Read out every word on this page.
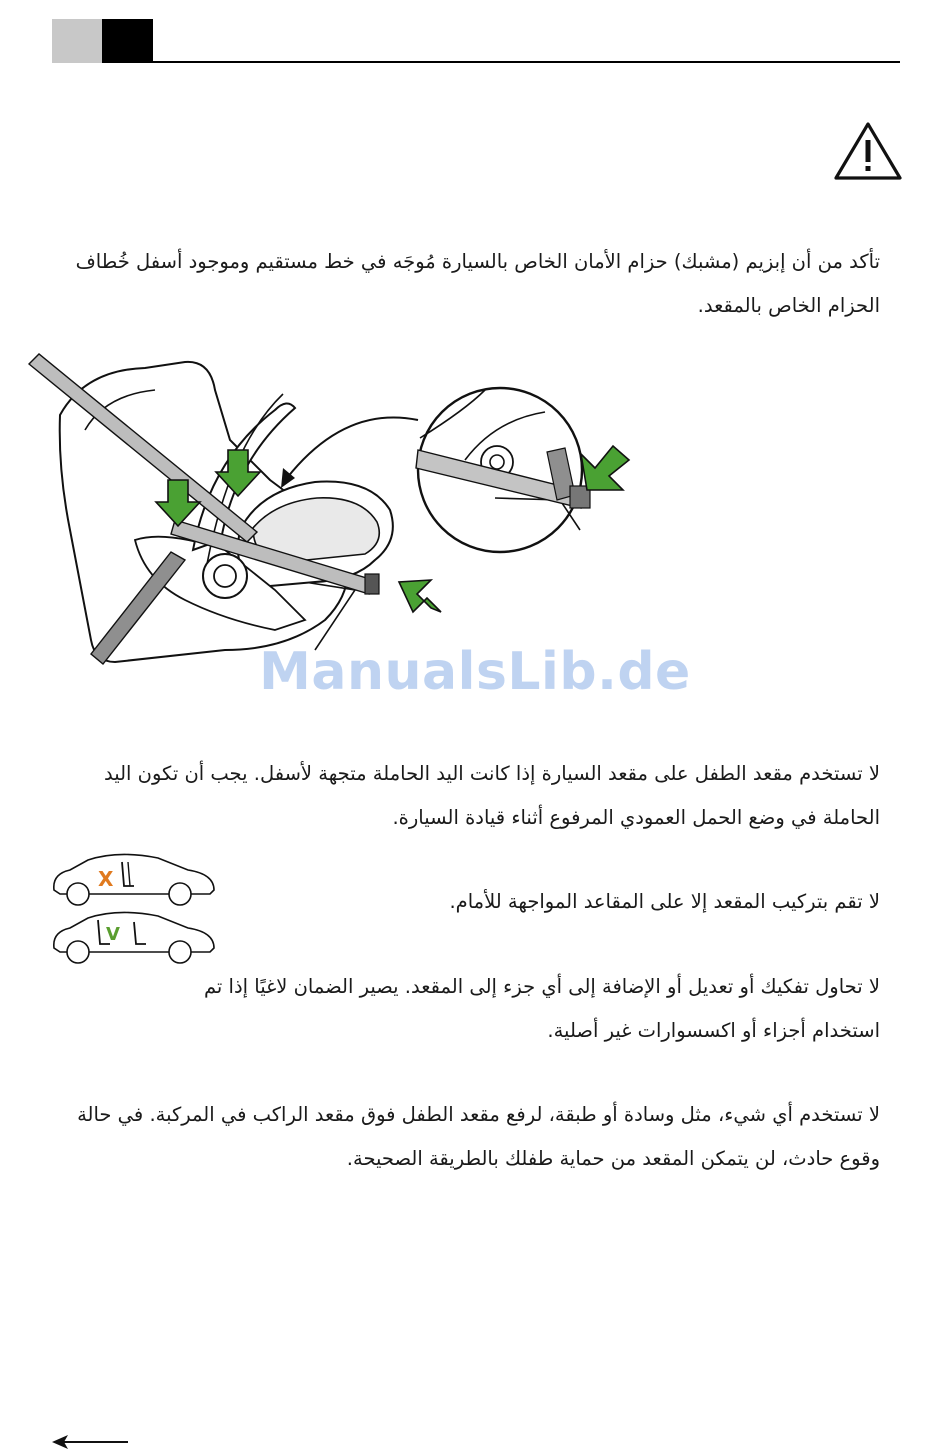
تأكد من أن إبزيم (مشبك) حزام الأمان الخاص بالسيارة مُوجَه في خط مستقيم وموجود أسفل خُطاف الحزام الخاص بالمقعد.

ManualsLib.de

لا تستخدم مقعد الطفل على مقعد السيارة إذا كانت اليد الحاملة متجهة لأسفل. يجب أن تكون اليد الحاملة في وضع الحمل العمودي المرفوع أثناء قيادة السيارة.

X
V

لا تقم بتركيب المقعد إلا على المقاعد المواجهة للأمام.

لا تحاول تفكيك أو تعديل أو الإضافة إلى أي جزء إلى المقعد. يصير الضمان لاغيًا إذا تم استخدام أجزاء أو اكسسوارات غير أصلية.

لا تستخدم أي شيء، مثل وسادة أو طبقة، لرفع مقعد الطفل فوق مقعد الراكب في المركبة. في حالة وقوع حادث، لن يتمكن المقعد من حماية طفلك بالطريقة الصحيحة.
